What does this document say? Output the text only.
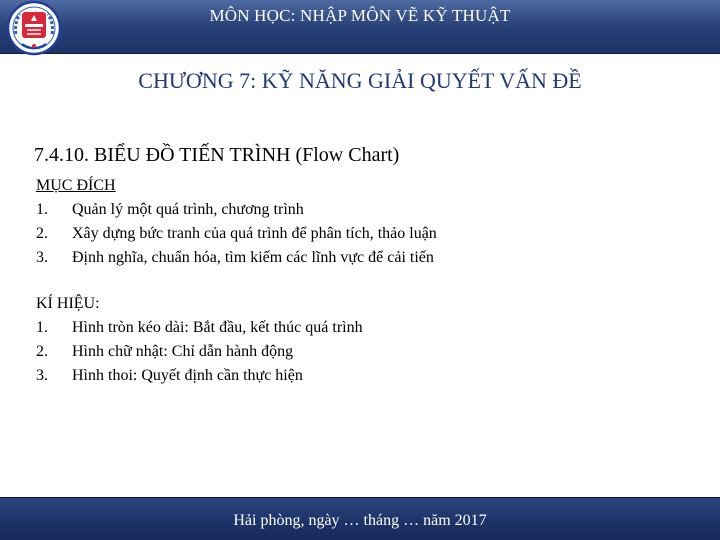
MÔN HỌC: NHẬP MÔN VẼ KỸ THUẬT
CHƯƠNG 7: KỸ NĂNG GIẢI QUYẾT VẤN ĐỀ
7.4.10. BIỂU ĐỒ TIẾN TRÌNH (Flow Chart)
MỤC ĐÍCH
1.	Quản lý một quá trình, chương trình
2.	Xây dựng bức tranh của quá trình để phân tích, thảo luận
3.	Định nghĩa, chuẩn hóa, tìm kiếm các lĩnh vực để cải tiến
KÍ HIỆU:
1.	Hình tròn kéo dài: Bắt đầu, kết thúc quá trình
2.	Hình chữ nhật: Chỉ dẫn hành động
3.	Hình thoi: Quyết định cần thực hiện
Hải phòng, ngày … tháng … năm 2017
